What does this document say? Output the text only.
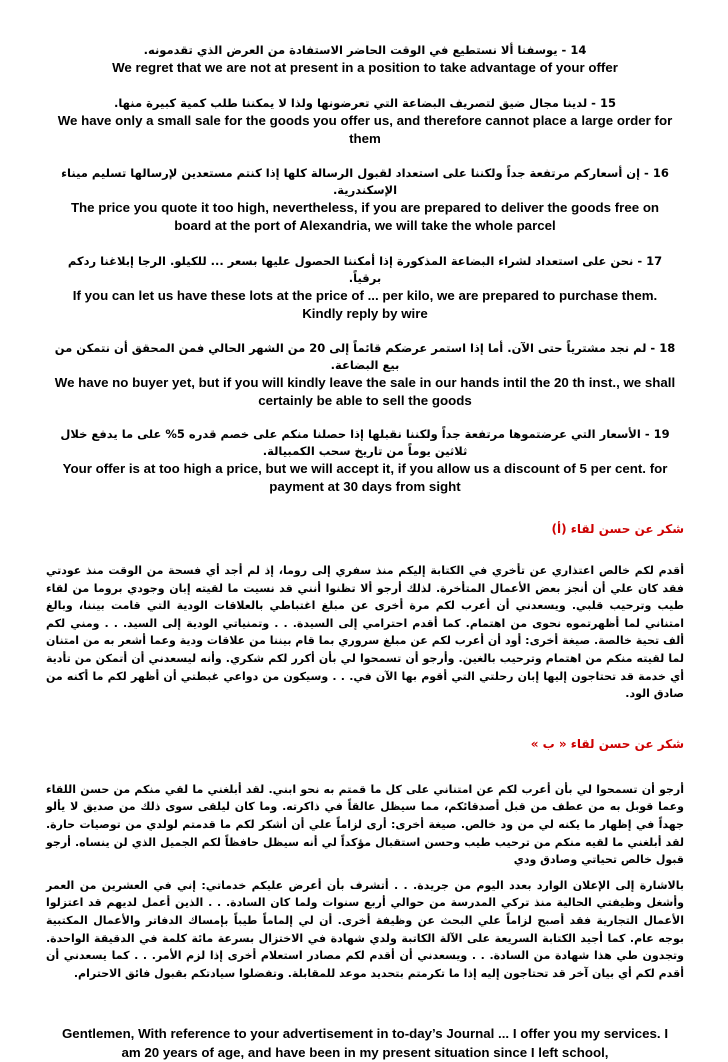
14 - يوسفنا ألا نستطيع في الوقت الحاضر الاستفادة من العرض الذي تقدمونه.
We regret that we are not at present in a position to take advantage of your offer
15 - لدينا مجال ضيق لتصريف البضاعة التي تعرضونها ولذا لا يمكننا طلب كمية كبيرة منها.
We have only a small sale for the goods you offer us, and therefore cannot place a large order for them
16 - إن أسعاركم مرتفعة جداً ولكننا على استعداد لقبول الرسالة كلها إذا كنتم مستعدين لإرسالها تسليم ميناء الإسكندرية.
The price you quote it too high, nevertheless, if you are prepared to deliver the goods free on board at the port of Alexandria, we will take the whole parcel
17 - نحن على استعداد لشراء البضاعة المذكورة إذا أمكننا الحصول عليها بسعر ... للكيلو. الرجا إبلاغنا ردكم برقياً.
If you can let us have these lots at the price of ... per kilo, we are prepared to purchase them. Kindly reply by wire
18 - لم نجد مشترياً حتى الآن. أما إذا استمر عرضكم قائماً إلى 20 من الشهر الحالي فمن المحقق أن نتمكن من بيع البضاعة.
We have no buyer yet, but if you will kindly leave the sale in our hands intil the 20 th inst., we shall certainly be able to sell the goods
19 - الأسعار التي عرضتموها مرتفعة جداً ولكننا نقبلها إذا حصلنا منكم على خصم قدره 5% على ما يدفع خلال ثلاثين يوماً من تاريخ سحب الكمبيالة.
Your offer is at too high a price, but we will accept it, if you allow us a discount of 5 per cent. for payment at 30 days from sight
شكر عن حسن لقاء (أ)
أقدم لكم خالص اعتذاري عن تأخري في الكتابة إليكم منذ سفري إلى روما، إذ لم أجد أي فسحة من الوقت منذ عودتي فقد كان علي أن أنجز بعض الأعمال المتأخرة. لذلك أرجو ألا تظنوا أنني قد نسيت ما لقيته إبان وجودي بروما من لقاء طيب وترحيب قلبي. ويسعدني أن أعرب لكم مرة أخرى عن مبلغ اغتباطي بالعلاقات الودية التي قامت بيننا، وبالغ امتناني لما أظهرتموه نحوى من اهتمام. كما أقدم احترامي إلى السيدة. . . وتمنياتي الودية إلى السيد. . . ومني لكم ألف تحية خالصة. صيغة أخرى: أود أن أعرب لكم عن مبلغ سروري بما قام بيننا من علاقات ودية وعما أشعر به من امتنان لما لقيته منكم من اهتمام وترحيب بالغين. وأرجو أن تسمحوا لي بأن أكرر لكم شكري. وأنه ليسعدني أن أتمكن من تأدية أي خدمة قد تحتاجون إليها إبان رحلتي التي أقوم بها الآن في. . . وسيكون من دواعي غبطتي أن أظهر لكم ما أكنه من صادق الود.
شكر عن حسن لقاء « ب »
أرجو أن تسمحوا لي بأن أعرب لكم عن امتناني على كل ما قمتم به نحو ابني. لقد أبلغني ما لقي منكم من حسن اللقاء وعما قوبل به من عطف من قبل أصدقائكم، مما سيظل عالقاً في ذاكرته. وما كان ليلقى سوى ذلك من صديق لا يألو جهداً في إظهار ما يكنه لي من ود خالص. صيغة أخرى: أرى لزاماً علي أن أشكر لكم ما قدمتم لولدي من توصيات حارة. لقد أبلغني ما لقيه منكم من ترحيب طيب وحسن استقبال مؤكداً لي أنه سيظل حافظاً لكم الجميل الذي لن ينساه. أرجو قبول خالص تحياتي وصادق ودي
بالاشارة إلى الإعلان الوارد بعدد اليوم من جريدة. . . أتشرف بأن أعرض عليكم خدماتي: إني في العشرين من العمر وأشغل وظيفتي الحالية منذ تركي المدرسة من حوالي أربع سنوات ولما كان السادة. . . الذين أعمل لديهم قد اعتزلوا الأعمال التجارية فقد أصبح لزاماً علي البحث عن وظيفة أخرى. أن لي إلماماً طيباً بإمساك الدفاتر والأعمال المكتبية بوجه عام. كما أجيد الكتابة السريعة على الآلة الكاتبة ولدي شهادة في الاختزال بسرعة مائة كلمة في الدقيقة الواحدة. وتجدون طي هذا شهادة من السادة. . . ويسعدني أن أقدم لكم مصادر استعلام أخرى إذا لزم الأمر. . . كما يسعدني أن أقدم لكم أي بيان آخر قد تحتاجون إليه إذا ما تكرمتم بتحديد موعد للمقابلة. وتفضلوا سيادتكم بقبول فائق الاحترام.
Gentlemen, With reference to your advertisement in to-day’s Journal ... I offer you my services. I am 20 years of age, and have been in my present situation since I left school,
